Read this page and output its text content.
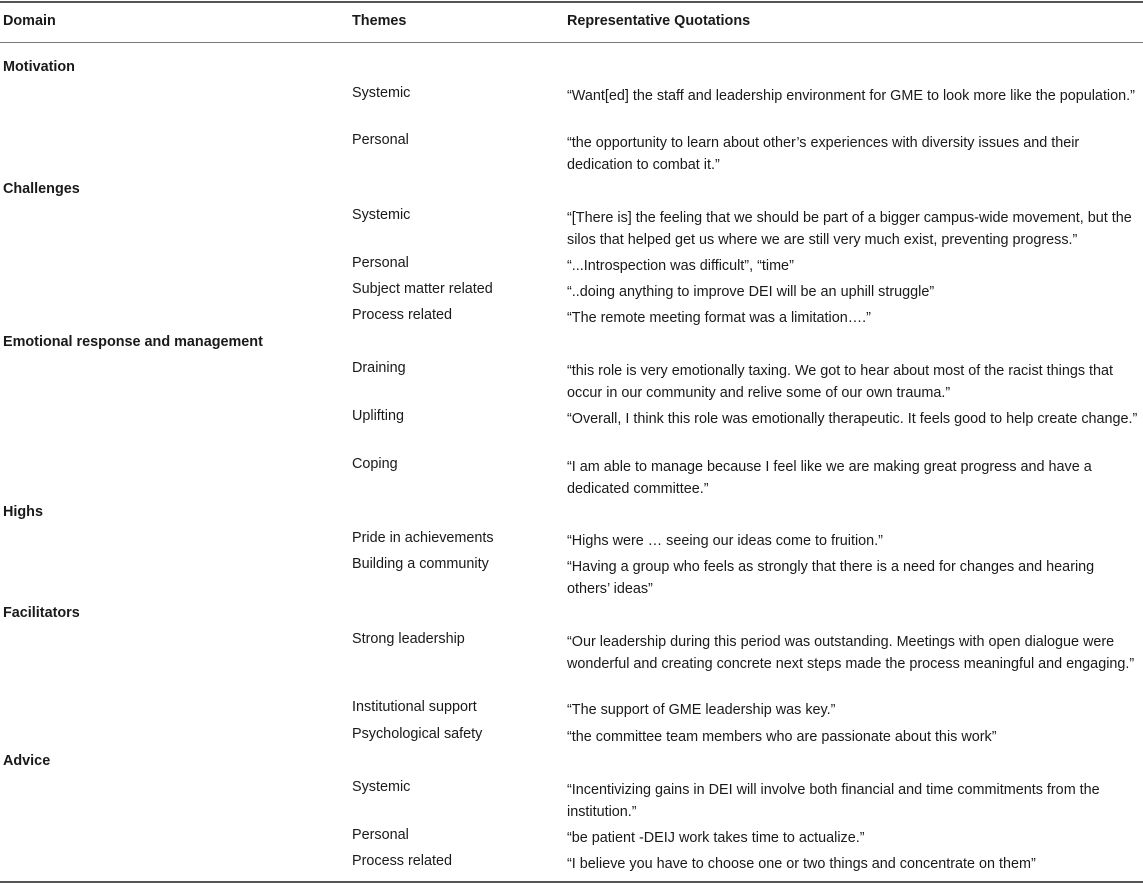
Domain	Themes	Representative Quotations
Motivation
Systemic	“Want[ed] the staff and leadership environment for GME to look more like the population.”
Personal	“the opportunity to learn about other’s experiences with diversity issues and their dedication to combat it.”
Challenges
Systemic	“[There is] the feeling that we should be part of a bigger campus-wide movement, but the silos that helped get us where we are still very much exist, preventing progress.”
Personal	“...Introspection was difficult”, “time”
Subject matter related	“..doing anything to improve DEI will be an uphill struggle”
Process related	“The remote meeting format was a limitation….”
Emotional response and management
Draining	“this role is very emotionally taxing. We got to hear about most of the racist things that occur in our community and relive some of our own trauma.”
Uplifting	“Overall, I think this role was emotionally therapeutic. It feels good to help create change.”
Coping	“I am able to manage because I feel like we are making great progress and have a dedicated committee.”
Highs
Pride in achievements	“Highs were … seeing our ideas come to fruition.”
Building a community	“Having a group who feels as strongly that there is a need for changes and hearing others’ ideas”
Facilitators
Strong leadership	“Our leadership during this period was outstanding. Meetings with open dialogue were wonderful and creating concrete next steps made the process meaningful and engaging.”
Institutional support	“The support of GME leadership was key.”
Psychological safety	“the committee team members who are passionate about this work”
Advice
Systemic	“Incentivizing gains in DEI will involve both financial and time commitments from the institution.”
Personal	“be patient -DEIJ work takes time to actualize.”
Process related	“I believe you have to choose one or two things and concentrate on them”
